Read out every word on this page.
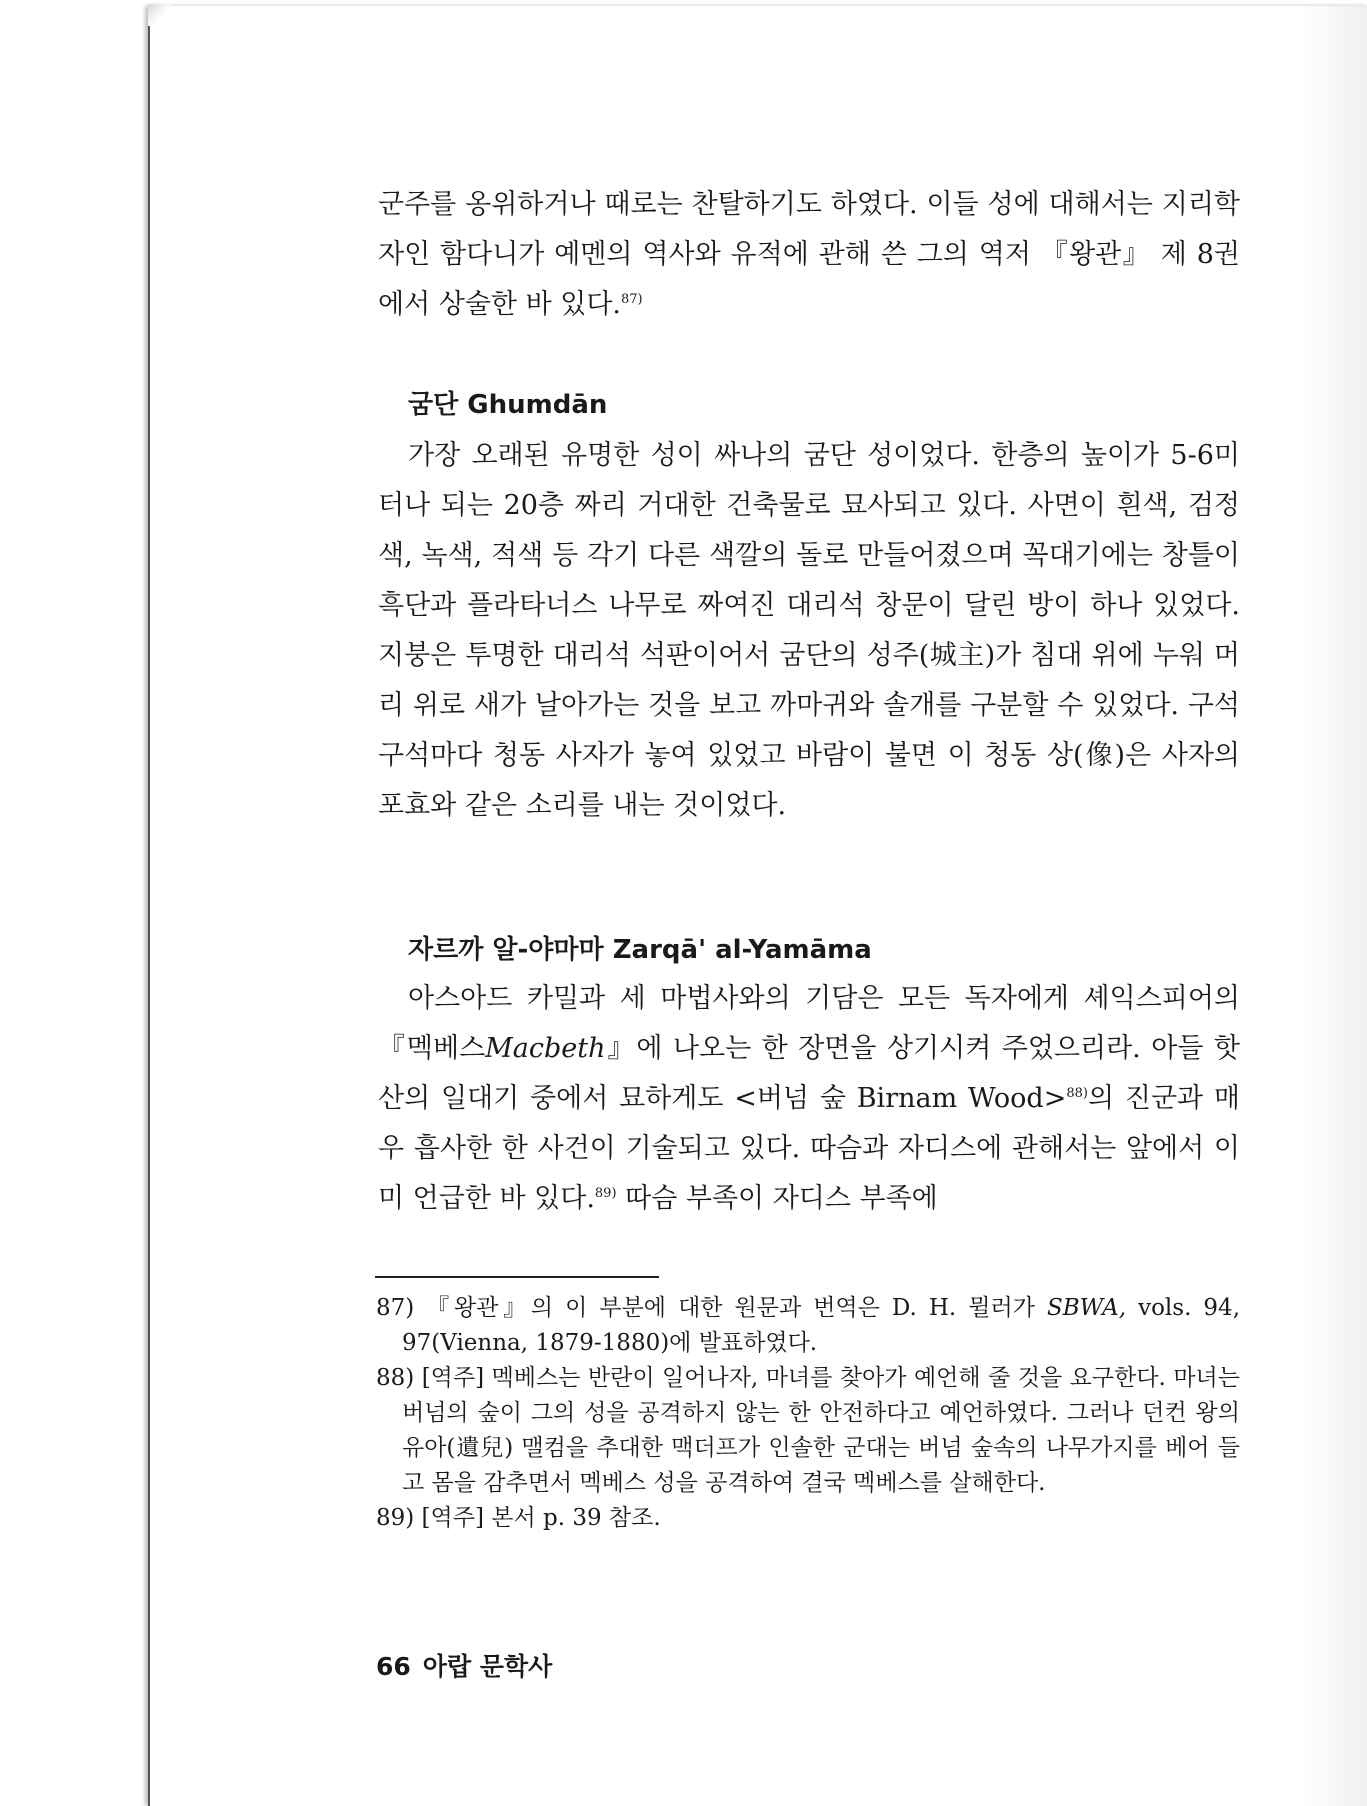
군주를 옹위하거나 때로는 찬탈하기도 하였다. 이들 성에 대해서는 지리학자인 함다니가 예멘의 역사와 유적에 관해 쓴 그의 역저 『왕관』 제 8권에서 상술한 바 있다.$^{87)}$

굼단 Ghumdān

가장 오래된 유명한 성이 싸나의 굼단 성이었다. 한층의 높이가 5-6미터나 되는 20층 짜리 거대한 건축물로 묘사되고 있다. 사면이 흰색, 검정색, 녹색, 적색 등 각기 다른 색깔의 돌로 만들어졌으며 꼭대기에는 창틀이 흑단과 플라타너스 나무로 짜여진 대리석 창문이 달린 방이 하나 있었다. 지붕은 투명한 대리석 석판이어서 굼단의 성주(城主)가 침대 위에 누워 머리 위로 새가 날아가는 것을 보고 까마귀와 솔개를 구분할 수 있었다. 구석구석마다 청동 사자가 놓여 있었고 바람이 불면 이 청동 상(像)은 사자의 포효와 같은 소리를 내는 것이었다.

자르까 알-야마마 Zarqā' al-Yamāma

아스아드 카밀과 세 마법사와의 기담은 모든 독자에게 셰익스피어의 『멕베스Macbeth』에 나오는 한 장면을 상기시켜 주었으리라. 아들 핫산의 일대기 중에서 묘하게도 <버넘 숲 Birnam Wood>$^{88)}$의 진군과 매우 흡사한 한 사건이 기술되고 있다. 따슴과 자디스에 관해서는 앞에서 이미 언급한 바 있다.$^{89)}$ 따슴 부족이 자디스 부족에

87) 『왕관』의 이 부분에 대한 원문과 번역은 D. H. 뮐러가 SBWA, vols. 94, 97(Vienna, 1879-1880)에 발표하였다.

88) [역주] 멕베스는 반란이 일어나자, 마녀를 찾아가 예언해 줄 것을 요구한다. 마녀는 버넘의 숲이 그의 성을 공격하지 않는 한 안전하다고 예언하였다. 그러나 던컨 왕의 유아(遺兒) 맬컴을 추대한 맥더프가 인솔한 군대는 버넘 숲속의 나무가지를 베어 들고 몸을 감추면서 멕베스 성을 공격하여 결국 멕베스를 살해한다.

89) [역주] 본서 p. 39 참조.

66 아랍 문학사
